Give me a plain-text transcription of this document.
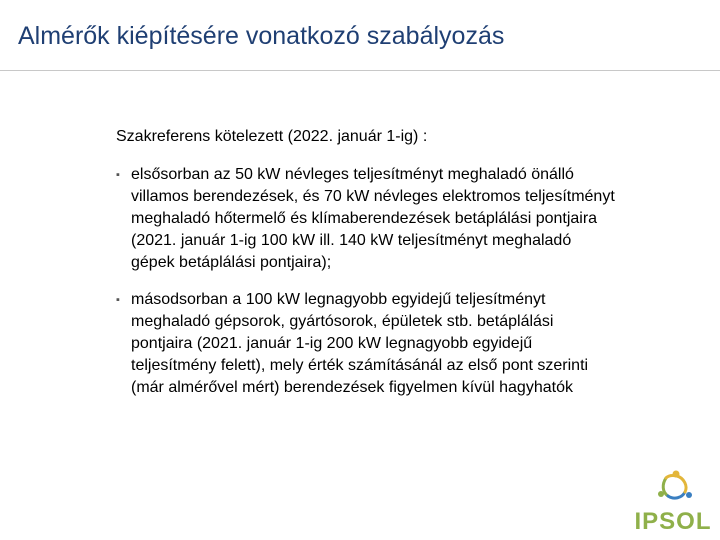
Almérők kiépítésére vonatkozó szabályozás

Szakreferens kötelezett (2022. január 1-ig) :

▪ elsősorban az 50 kW névleges teljesítményt meghaladó önálló villamos berendezések, és 70 kW névleges elektromos teljesítményt meghaladó hőtermelő és klímaberendezések betáplálási pontjaira (2021. január 1-ig 100 kW ill. 140 kW teljesítményt meghaladó gépek betáplálási pontjaira);
▪ másodsorban a 100 kW legnagyobb egyidejű teljesítményt meghaladó gépsorok, gyártósorok, épületek stb. betáplálási pontjaira (2021. január 1-ig 200 kW legnagyobb egyidejű teljesítmény felett), mely érték számításánál az első pont szerinti (már almérővel mért) berendezések figyelmen kívül hagyhatók
IPSOL
